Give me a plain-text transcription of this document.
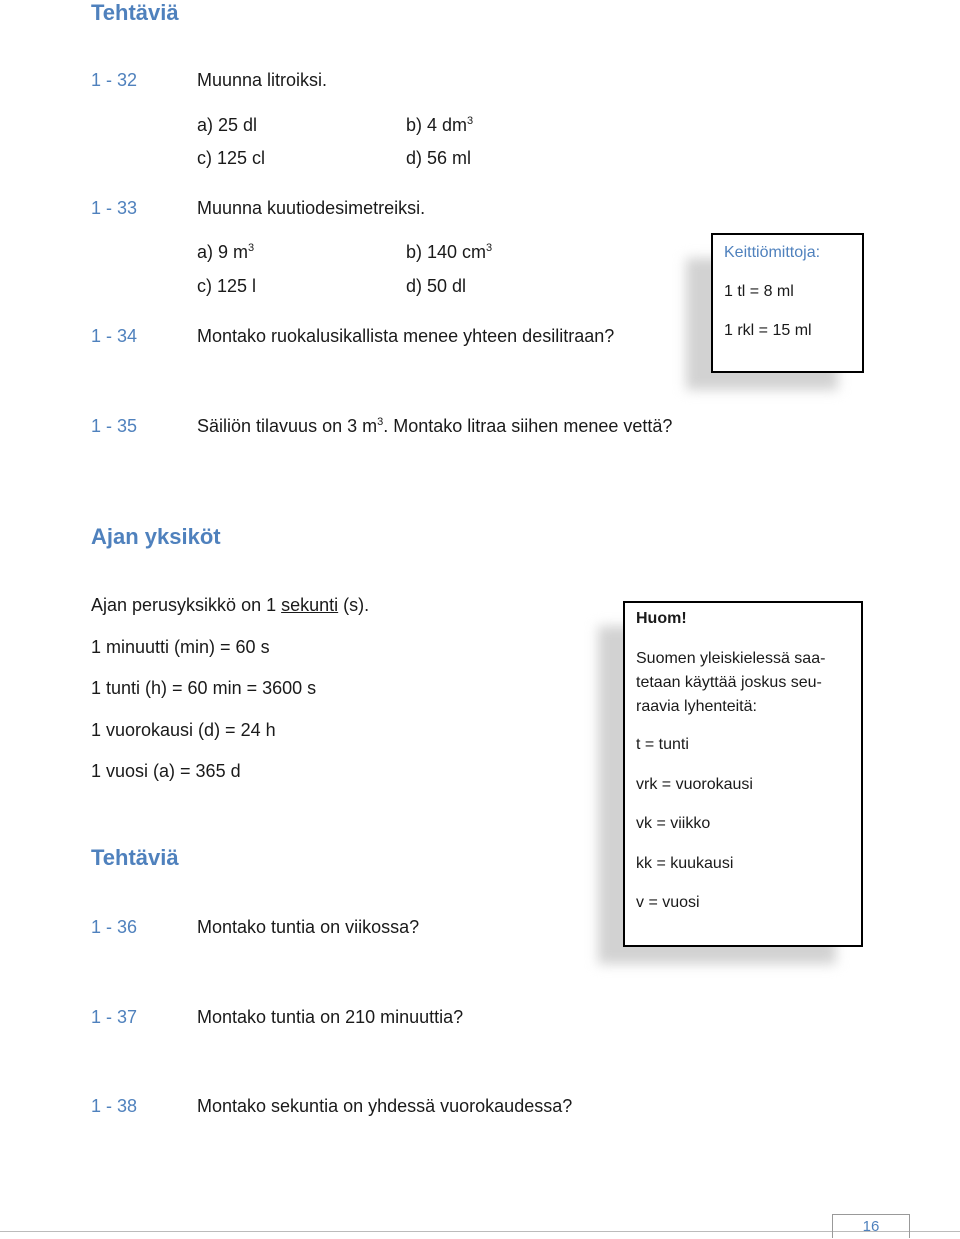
Tehtäviä
1 - 32	Muunna litroiksi.
a) 25 dl	b) 4 $dm^3$
c) 125 cl	d) 56 ml
1 - 33	Muunna kuutiodesimetreiksi.
a) 9 $m^3$	b) 140 $cm^3$
c) 125 l	d) 50 dl
1 - 34	Montako ruokalusikallista menee yhteen desilitraan?
Keittiömittoja:
1 tl = 8 ml
1 rkl = 15 ml
1 - 35	Säiliön tilavuus on 3 $m^3$. Montako litraa siihen menee vettä?
Ajan yksiköt
Ajan perusyksikkö on 1 sekunti (s).
1 minuutti (min) = 60 s
1 tunti (h) = 60 min = 3600 s
1 vuorokausi (d) = 24 h
1 vuosi (a) = 365 d
Huom!
Suomen yleiskielessä saa-
tetaan käyttää joskus seu-
raavia lyhenteitä:
t = tunti
vrk = vuorokausi
vk = viikko
kk = kuukausi
v = vuosi
Tehtäviä
1 - 36	Montako tuntia on viikossa?
1 - 37	Montako tuntia on 210 minuuttia?
1 - 38	Montako sekuntia on yhdessä vuorokaudessa?
16
